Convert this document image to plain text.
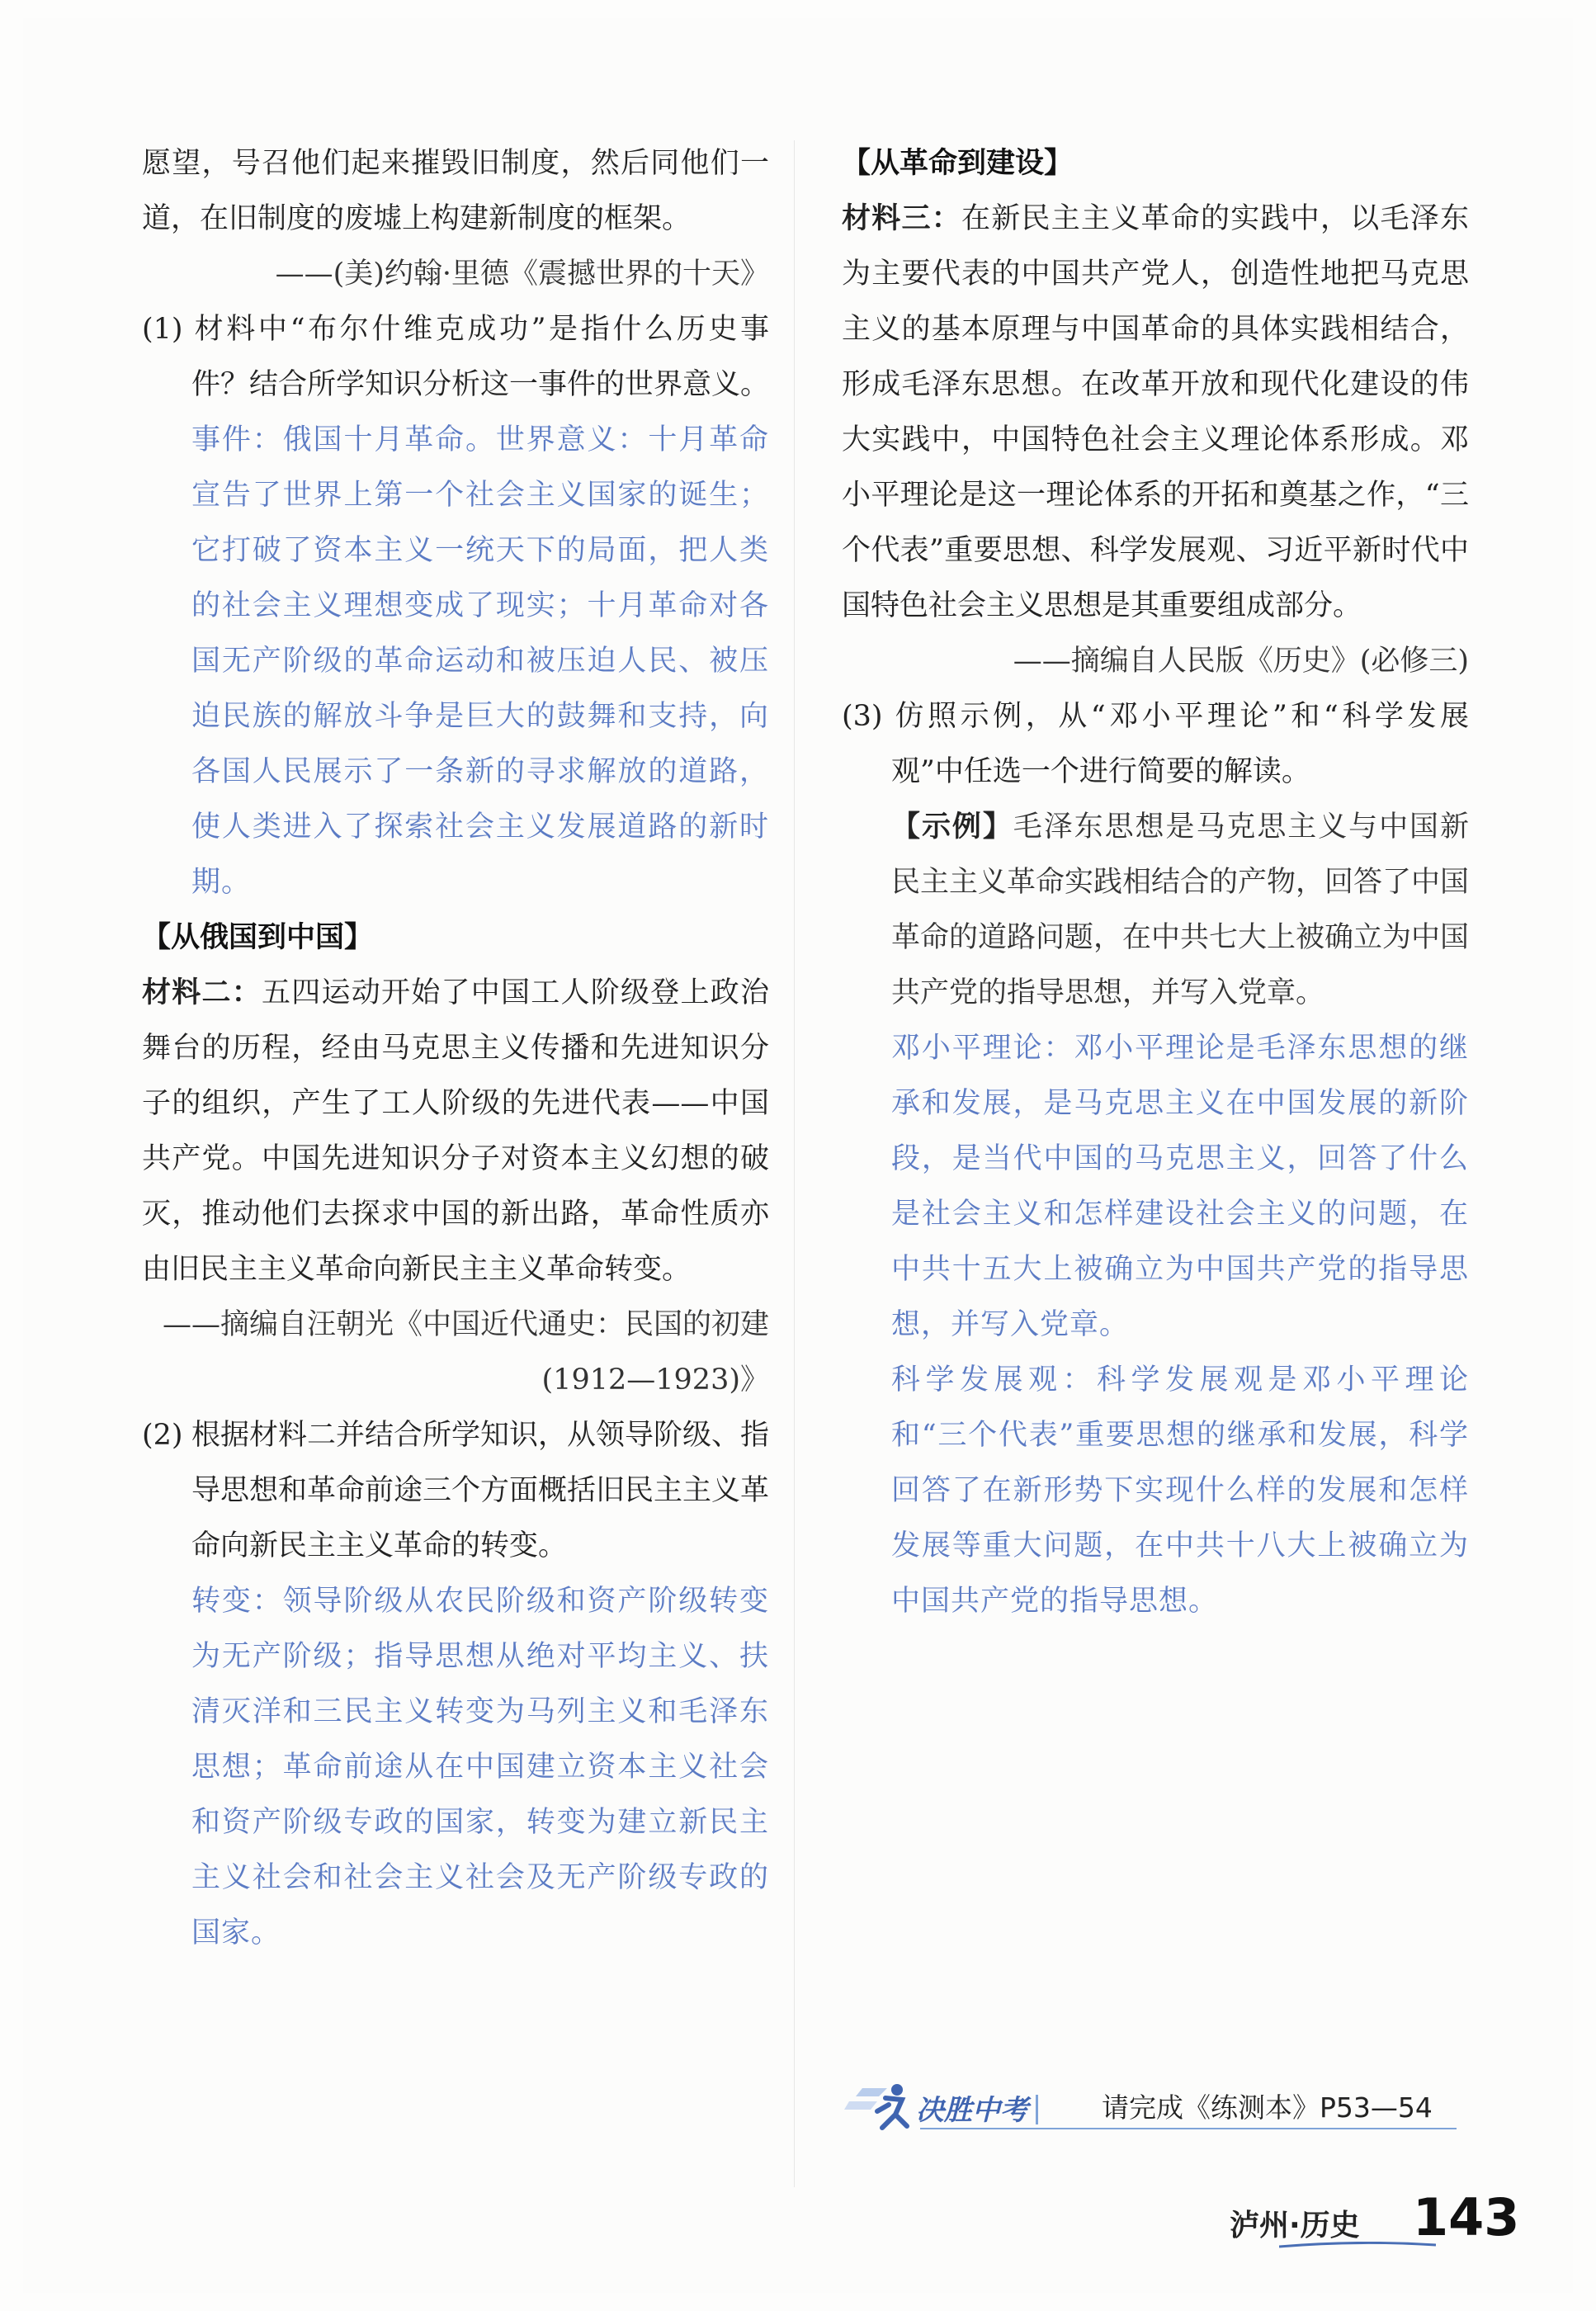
愿望，号召他们起来摧毁旧制度，然后同他们一道，在旧制度的废墟上构建新制度的框架。

——(美)约翰·里德《震撼世界的十天》

(1) 材料中“布尔什维克成功”是指什么历史事件？结合所学知识分析这一事件的世界意义。

事件：俄国十月革命。世界意义：十月革命宣告了世界上第一个社会主义国家的诞生；它打破了资本主义一统天下的局面，把人类的社会主义理想变成了现实；十月革命对各国无产阶级的革命运动和被压迫人民、被压迫民族的解放斗争是巨大的鼓舞和支持，向各国人民展示了一条新的寻求解放的道路，使人类进入了探索社会主义发展道路的新时期。

【从俄国到中国】

材料二：五四运动开始了中国工人阶级登上政治舞台的历程，经由马克思主义传播和先进知识分子的组织，产生了工人阶级的先进代表——中国共产党。中国先进知识分子对资本主义幻想的破灭，推动他们去探求中国的新出路，革命性质亦由旧民主主义革命向新民主主义革命转变。

——摘编自汪朝光《中国近代通史：民国的初建(1912—1923)》

(2) 根据材料二并结合所学知识，从领导阶级、指导思想和革命前途三个方面概括旧民主主义革命向新民主主义革命的转变。

转变：领导阶级从农民阶级和资产阶级转变为无产阶级；指导思想从绝对平均主义、扶清灭洋和三民主义转变为马列主义和毛泽东思想；革命前途从在中国建立资本主义社会和资产阶级专政的国家，转变为建立新民主主义社会和社会主义社会及无产阶级专政的国家。

【从革命到建设】

材料三：在新民主主义革命的实践中，以毛泽东为主要代表的中国共产党人，创造性地把马克思主义的基本原理与中国革命的具体实践相结合，形成毛泽东思想。在改革开放和现代化建设的伟大实践中，中国特色社会主义理论体系形成。邓小平理论是这一理论体系的开拓和奠基之作，“三个代表”重要思想、科学发展观、习近平新时代中国特色社会主义思想是其重要组成部分。

——摘编自人民版《历史》(必修三)

(3) 仿照示例，从“邓小平理论”和“科学发展观”中任选一个进行简要的解读。

【示例】毛泽东思想是马克思主义与中国新民主主义革命实践相结合的产物，回答了中国革命的道路问题，在中共七大上被确立为中国共产党的指导思想，并写入党章。

邓小平理论：邓小平理论是毛泽东思想的继承和发展，是马克思主义在中国发展的新阶段，是当代中国的马克思主义，回答了什么是社会主义和怎样建设社会主义的问题，在中共十五大上被确立为中国共产党的指导思想，并写入党章。

科学发展观：科学发展观是邓小平理论和“三个代表”重要思想的继承和发展，科学回答了在新形势下实现什么样的发展和怎样发展等重大问题，在中共十八大上被确立为中国共产党的指导思想。

决胜中考	请完成《练测本》P53—54
泸州·历史 143
